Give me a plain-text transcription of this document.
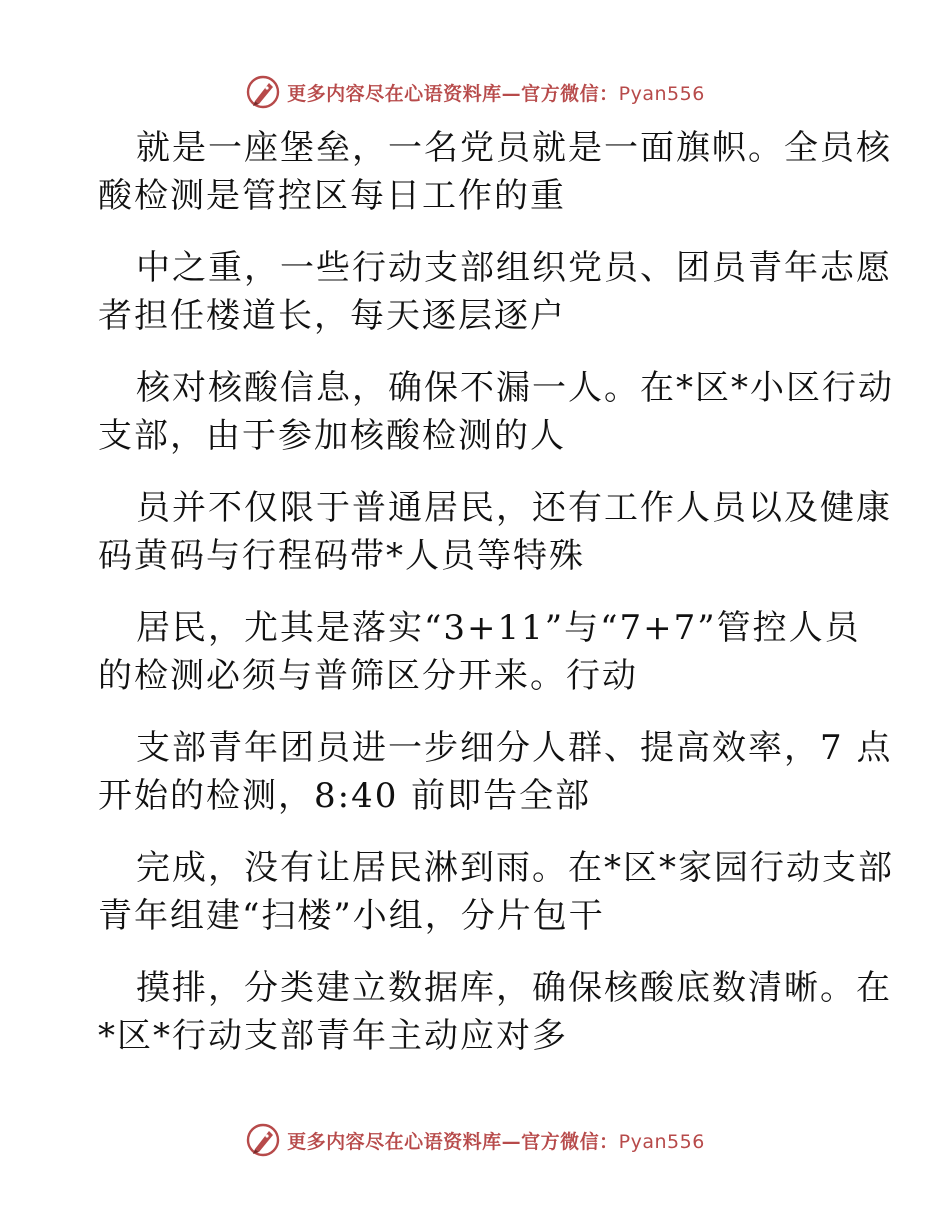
更多内容尽在心语资料库—官方微信：Pyan556
就是一座堡垒，一名党员就是一面旗帜。全员核
酸检测是管控区每日工作的重
中之重，一些行动支部组织党员、团员青年志愿
者担任楼道长，每天逐层逐户
核对核酸信息，确保不漏一人。在*区*小区行动
支部，由于参加核酸检测的人
员并不仅限于普通居民，还有工作人员以及健康
码黄码与行程码带*人员等特殊
居民，尤其是落实“3+11”与“7+7”管控人员
的检测必须与普筛区分开来。行动
支部青年团员进一步细分人群、提高效率，7 点
开始的检测，8:40 前即告全部
完成，没有让居民淋到雨。在*区*家园行动支部
青年组建“扫楼”小组，分片包干
摸排，分类建立数据库，确保核酸底数清晰。在
*区*行动支部青年主动应对多
更多内容尽在心语资料库—官方微信：Pyan556
